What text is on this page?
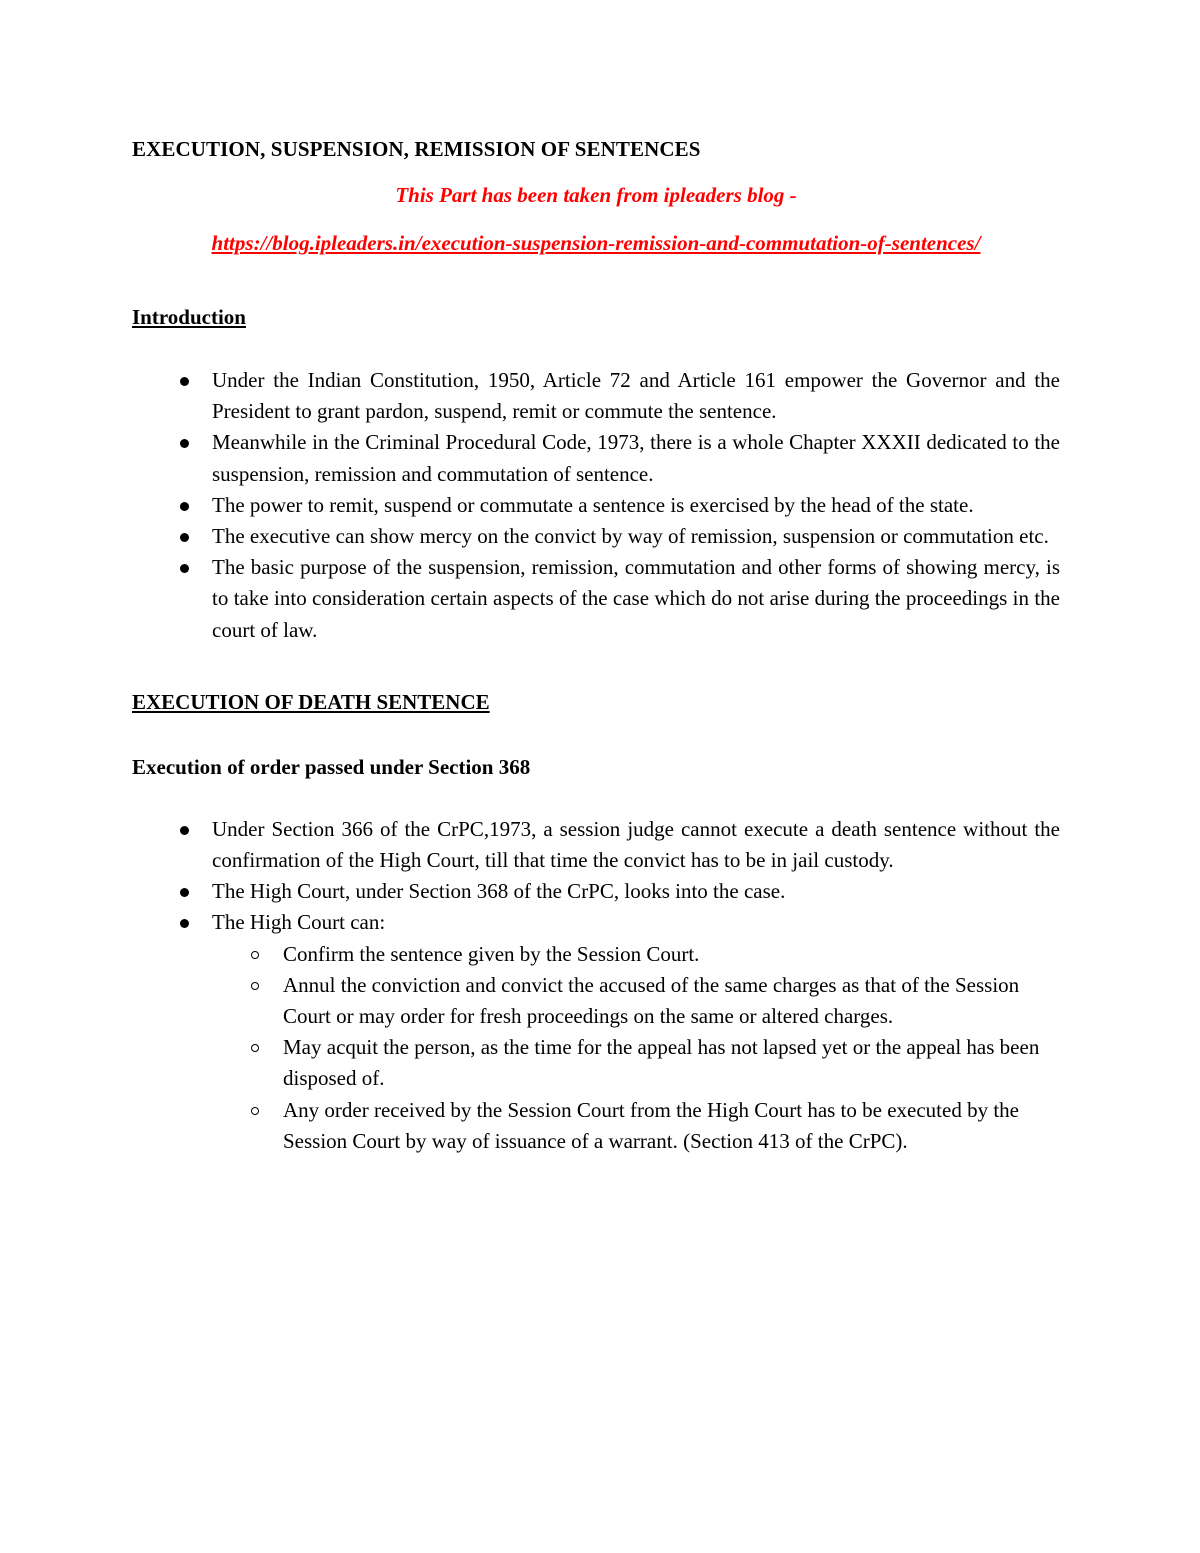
EXECUTION, SUSPENSION, REMISSION OF SENTENCES

This Part has been taken from ipleaders blog -

https://blog.ipleaders.in/execution-suspension-remission-and-commutation-of-sentences/

Introduction
Under the Indian Constitution, 1950, Article 72 and Article 161 empower the Governor and the President to grant pardon, suspend, remit or commute the sentence.
Meanwhile in the Criminal Procedural Code, 1973, there is a whole Chapter XXXII dedicated to the suspension, remission and commutation of sentence.
The power to remit, suspend or commutate a sentence is exercised by the head of the state.
The executive can show mercy on the convict by way of remission, suspension or commutation etc.
The basic purpose of the suspension, remission, commutation and other forms of showing mercy, is to take into consideration certain aspects of the case which do not arise during the proceedings in the court of law.
EXECUTION OF DEATH SENTENCE
Execution of order passed under Section 368
Under Section 366 of the CrPC,1973, a session judge cannot execute a death sentence without the confirmation of the High Court, till that time the convict has to be in jail custody.
The High Court, under Section 368 of the CrPC, looks into the case.
The High Court can:
Confirm the sentence given by the Session Court.
Annul the conviction and convict the accused of the same charges as that of the Session Court or may order for fresh proceedings on the same or altered charges.
May acquit the person, as the time for the appeal has not lapsed yet or the appeal has been disposed of.
Any order received by the Session Court from the High Court has to be executed by the Session Court by way of issuance of a warrant. (Section 413 of the CrPC).
